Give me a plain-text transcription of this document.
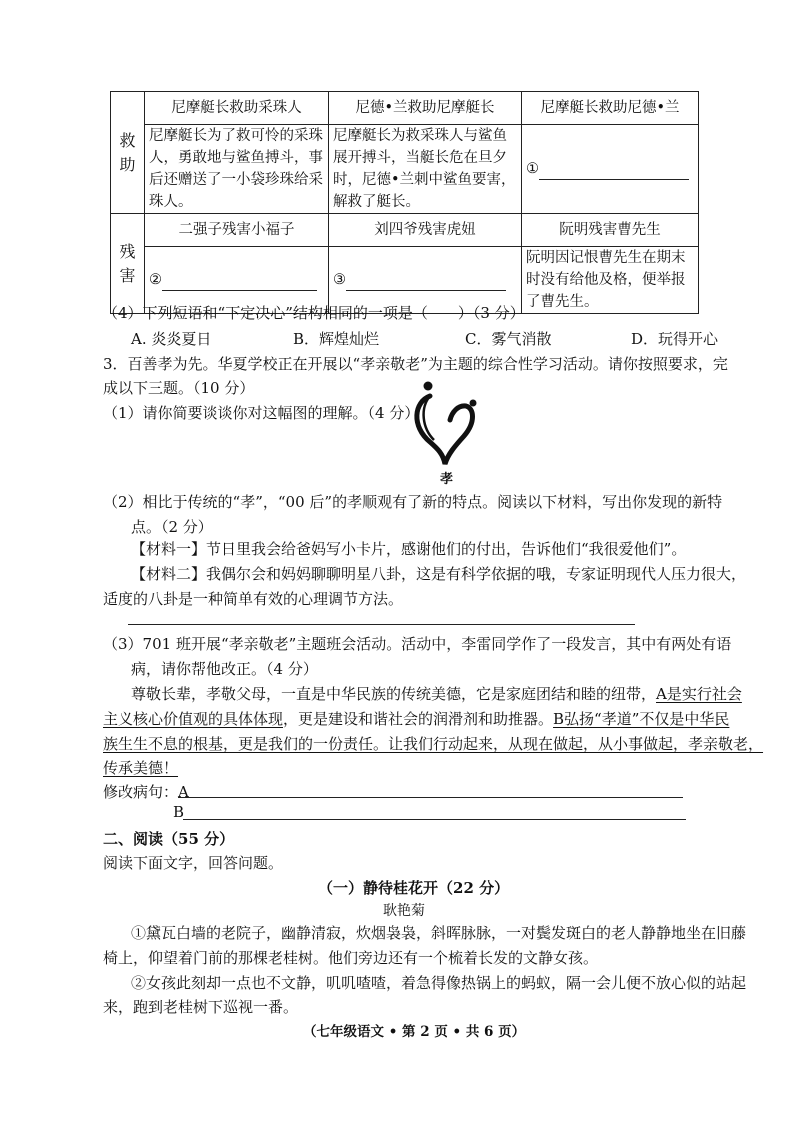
救
助	尼摩艇长救助采珠人	尼德•兰救助尼摩艇长	尼摩艇长救助尼德•兰
	尼摩艇长为了救可怜的采珠人，勇敢地与鲨鱼搏斗，事后还赠送了一小袋珍珠给采珠人。	尼摩艇长为救采珠人与鲨鱼展开搏斗，当艇长危在旦夕时，尼德•兰刺中鲨鱼要害，解救了艇长。	①
残
害	二强子残害小福子	刘四爷残害虎妞	阮明残害曹先生
	②	③	阮明因记恨曹先生在期末时没有给他及格，便举报了曹先生。
（4）下列短语和“下定决心”结构相同的一项是（　　）（3 分）
A. 炎炎夏日	B．辉煌灿烂	C．雾气消散	D．玩得开心
3．百善孝为先。华夏学校正在开展以“孝亲敬老”为主题的综合性学习活动。请你按照要求，完
成以下三题。（10 分）
（1）请你简要谈谈你对这幅图的理解。（4 分）
孝
（2）相比于传统的“孝”，“00 后”的孝顺观有了新的特点。阅读以下材料，写出你发现的新特
点。（2 分）
【材料一】节日里我会给爸妈写小卡片，感谢他们的付出，告诉他们“我很爱他们”。
【材料二】我偶尔会和妈妈聊聊明星八卦，这是有科学依据的哦，专家证明现代人压力很大，
适度的八卦是一种简单有效的心理调节方法。
（3）701 班开展“孝亲敬老”主题班会活动。活动中，李雷同学作了一段发言，其中有两处有语
病，请你帮他改正。（4 分）
尊敬长辈，孝敬父母，一直是中华民族的传统美德，它是家庭团结和睦的纽带，A是实行社会
主义核心价值观的具体体现，更是建设和谐社会的润滑剂和助推器。B弘扬“孝道”不仅是中华民
族生生不息的根基，更是我们的一份责任。让我们行动起来，从现在做起，从小事做起，孝亲敬老，
传承美德！
修改病句：A
B
二、阅读（55 分）
阅读下面文字，回答问题。
（一）静待桂花开（22 分）
耿艳菊
①黛瓦白墙的老院子，幽静清寂，炊烟袅袅，斜晖脉脉，一对鬓发斑白的老人静静地坐在旧藤
椅上，仰望着门前的那棵老桂树。他们旁边还有一个梳着长发的文静女孩。
②女孩此刻却一点也不文静，叽叽喳喳，着急得像热锅上的蚂蚁，隔一会儿便不放心似的站起
来，跑到老桂树下巡视一番。
（七年级语文 • 第 2 页 • 共 6 页）
